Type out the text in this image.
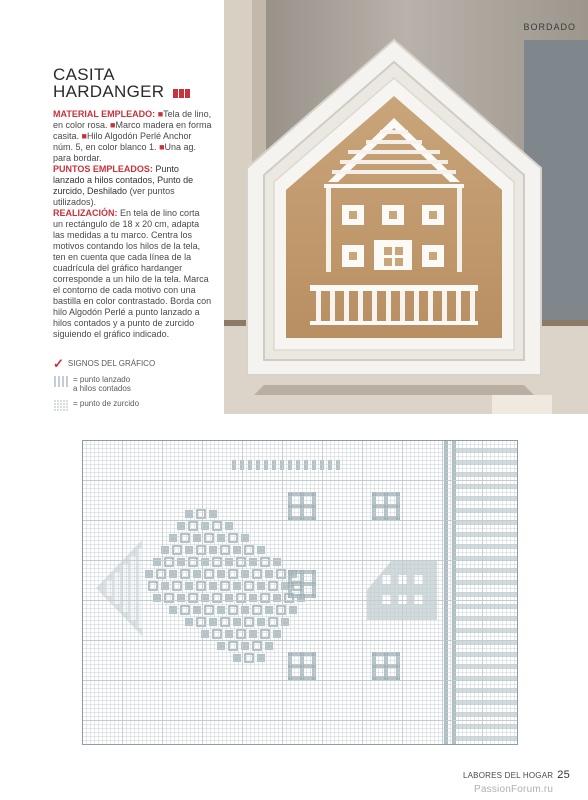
BORDADO
CASITA
HARDANGER

MATERIAL EMPLEADO: ■Tela de lino, en color rosa. ■Marco madera en forma casita. ■Hilo Algodón Perlé Anchor núm. 5, en color blanco 1. ■Una ag. para bordar.

PUNTOS EMPLEADOS: Punto lanzado a hilos contados, Punto de zurcido, Deshilado (ver puntos utilizados).

REALIZACIÓN: En tela de lino corta un rectángulo de 18 x 20 cm, adapta las medidas a tu marco. Centra los motivos contando los hilos de la tela, ten en cuenta que cada línea de la cuadrícula del gráfico hardanger corresponde a un hilo de la tela. Marca el contorno de cada motivo con una bastilla en color contrastado. Borda con hilo Algodón Perlé a punto lanzado a hilos contados y a punto de zurcido siguiendo el gráfico indicado.

✓ SIGNOS DEL GRÁFICO
= punto lanzado
a hilos contados
= punto de zurcido
LABORES DEL HOGAR 25
PassionForum.ru
